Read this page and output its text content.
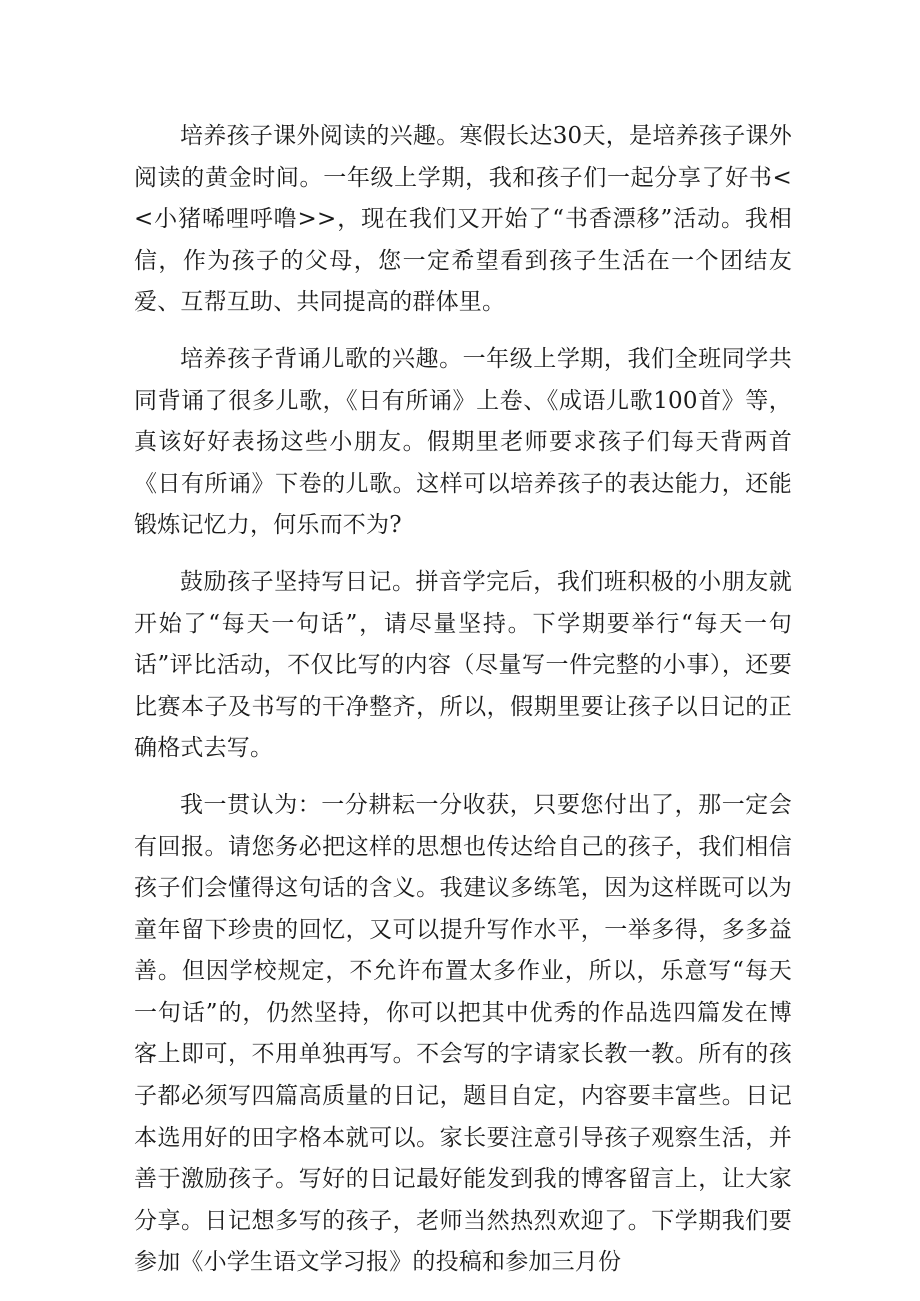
培养孩子课外阅读的兴趣。寒假长达30天，是培养孩子课外阅读的黄金时间。一年级上学期，我和孩子们一起分享了好书<<小猪唏哩呼噜>>，现在我们又开始了“书香漂移”活动。我相信，作为孩子的父母，您一定希望看到孩子生活在一个团结友爱、互帮互助、共同提高的群体里。

培养孩子背诵儿歌的兴趣。一年级上学期，我们全班同学共同背诵了很多儿歌，《日有所诵》上卷、《成语儿歌100首》等，真该好好表扬这些小朋友。假期里老师要求孩子们每天背两首《日有所诵》下卷的儿歌。这样可以培养孩子的表达能力，还能锻炼记忆力，何乐而不为?

鼓励孩子坚持写日记。拼音学完后，我们班积极的小朋友就开始了“每天一句话”，请尽量坚持。下学期要举行“每天一句话”评比活动，不仅比写的内容（尽量写一件完整的小事），还要比赛本子及书写的干净整齐，所以，假期里要让孩子以日记的正确格式去写。

我一贯认为：一分耕耘一分收获，只要您付出了，那一定会有回报。请您务必把这样的思想也传达给自己的孩子，我们相信孩子们会懂得这句话的含义。我建议多练笔，因为这样既可以为童年留下珍贵的回忆，又可以提升写作水平，一举多得，多多益善。但因学校规定，不允许布置太多作业，所以，乐意写“每天一句话”的，仍然坚持，你可以把其中优秀的作品选四篇发在博客上即可，不用单独再写。不会写的字请家长教一教。所有的孩子都必须写四篇高质量的日记，题目自定，内容要丰富些。日记本选用好的田字格本就可以。家长要注意引导孩子观察生活，并善于激励孩子。写好的日记最好能发到我的博客留言上，让大家分享。日记想多写的孩子，老师当然热烈欢迎了。下学期我们要参加《小学生语文学习报》的投稿和参加三月份
